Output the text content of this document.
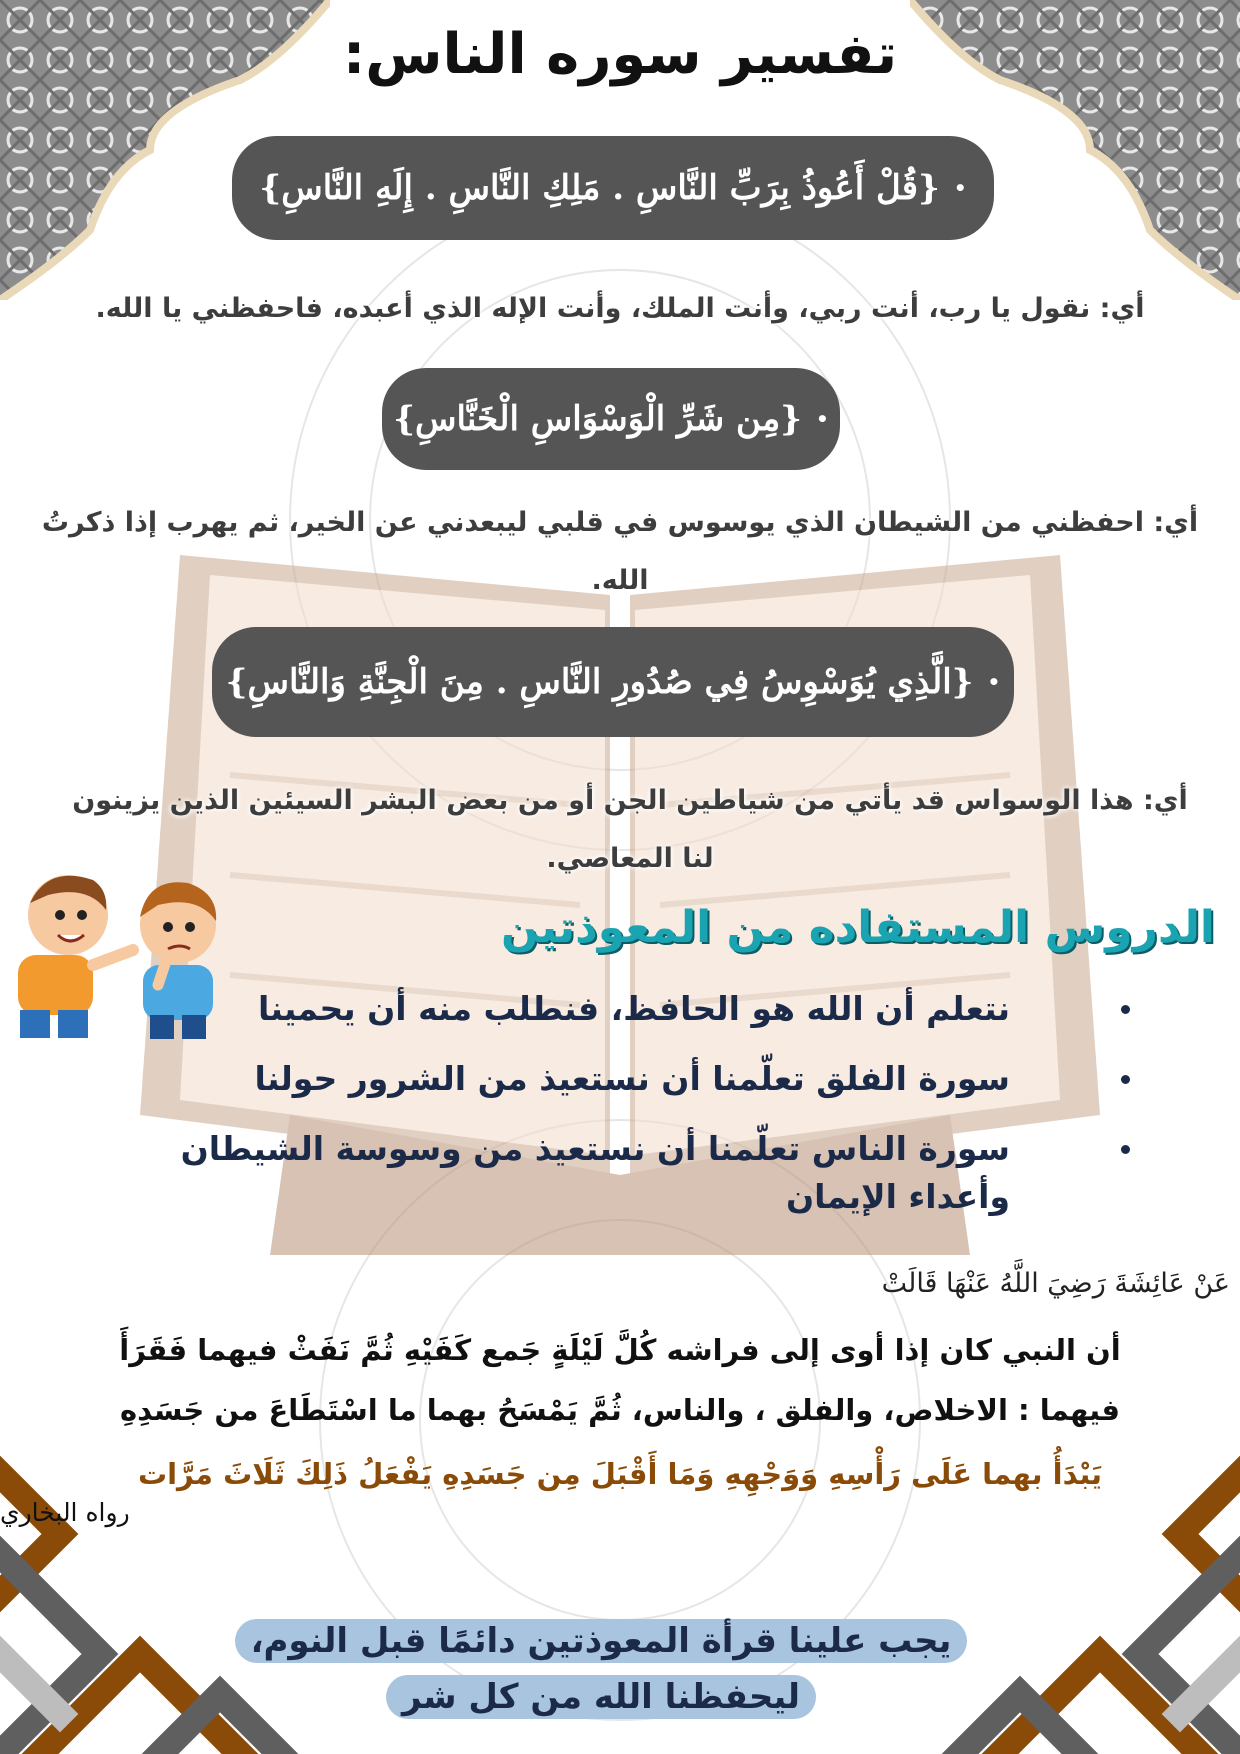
تفسير سوره الناس:
•
{قُلْ أَعُوذُ بِرَبِّ النَّاسِ . مَلِكِ النَّاسِ . إِلَهِ النَّاسِ}

أي: نقول يا رب، أنت ربي، وأنت الملك، وأنت الإله الذي أعبده، فاحفظني يا الله.

•
{مِن شَرِّ الْوَسْوَاسِ الْخَنَّاسِ}

أي: احفظني من الشيطان الذي يوسوس في قلبي ليبعدني عن الخير، ثم يهرب إذا ذكرتُ الله.

•
{الَّذِي يُوَسْوِسُ فِي صُدُورِ النَّاسِ . مِنَ الْجِنَّةِ وَالنَّاسِ}

أي: هذا الوسواس قد يأتي من شياطين الجن أو من بعض البشر السيئين الذين يزينون لنا المعاصي.

الدروس المستفاده من المعوذتين
نتعلم أن الله هو الحافظ، فنطلب منه أن يحمينا
سورة الفلق تعلّمنا أن نستعيذ من الشرور حولنا
سورة الناس تعلّمنا أن نستعيذ من وسوسة الشيطان وأعداء الإيمان

عَنْ عَائِشَةَ رَضِيَ اللَّهُ عَنْهَا قَالَتْ

أن النبي كان إذا أوى إلى فراشه كُلَّ لَيْلَةٍ جَمع كَفَيْهِ ثُمَّ نَفَثْ فيهما فَقَرَأَ
فيهما : الاخلاص، والفلق ، والناس، ثُمَّ يَمْسَحُ بهما ما اسْتَطَاعَ من جَسَدِهِ

يَبْدَأُ بهما عَلَى رَأْسِهِ وَوَجْهِهِ وَمَا أَقْبَلَ مِن جَسَدِهِ يَفْعَلُ ذَلِكَ ثَلَاثَ مَرَّات

رواه البخاري

يجب علينا قرأة المعوذتين دائمًا قبل النوم،
ليحفظنا الله من كل شر
